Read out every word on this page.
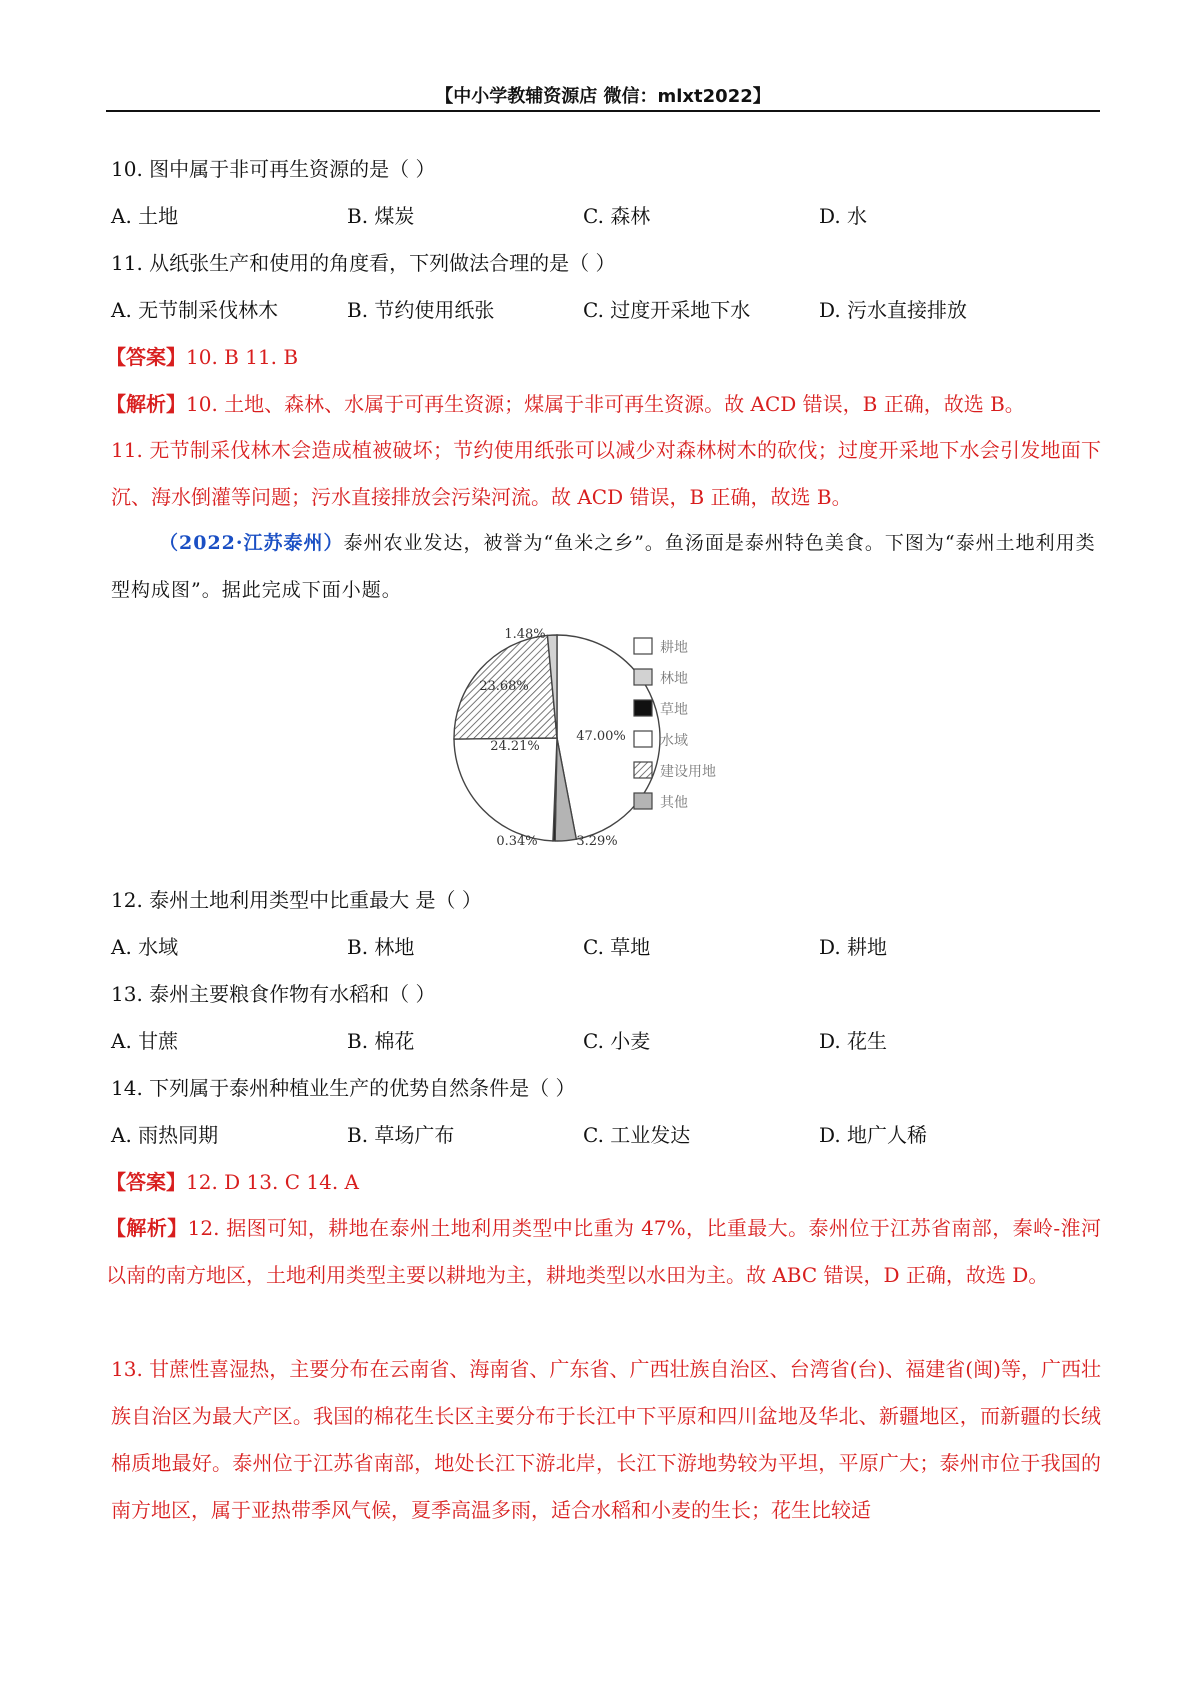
【中小学教辅资源店 微信：mlxt2022】
10. 图中属于非可再生资源的是（ ）
A. 土地	B. 煤炭	C. 森林	D. 水
11. 从纸张生产和使用的角度看，下列做法合理的是（ ）
A. 无节制采伐林木	B. 节约使用纸张	C. 过度开采地下水	D. 污水直接排放
【答案】10. B 11. B
【解析】10. 土地、森林、水属于可再生资源；煤属于非可再生资源。故 ACD 错误，B 正确，故选 B。
11. 无节制采伐林木会造成植被破坏；节约使用纸张可以减少对森林树木的砍伐；过度开采地下水会引发地面下沉、海水倒灌等问题；污水直接排放会污染河流。故 ACD 错误，B 正确，故选 B。
（2022·江苏泰州）泰州农业发达，被誉为“鱼米之乡”。鱼汤面是泰州特色美食。下图为“泰州土地利用类型构成图”。据此完成下面小题。
47.00%
3.29%
0.34%
24.21%
23.68%
1.48%
耕地
林地
草地
水域
建设用地
其他
12. 泰州土地利用类型中比重最大 是（ ）
A. 水域	B. 林地	C. 草地	D. 耕地
13. 泰州主要粮食作物有水稻和（ ）
A. 甘蔗	B. 棉花	C. 小麦	D. 花生
14. 下列属于泰州种植业生产的优势自然条件是（ ）
A. 雨热同期	B. 草场广布	C. 工业发达	D. 地广人稀
【答案】12. D 13. C 14. A
【解析】12. 据图可知，耕地在泰州土地利用类型中比重为 47%，比重最大。泰州位于江苏省南部，秦岭-淮河以南的南方地区，土地利用类型主要以耕地为主，耕地类型以水田为主。故 ABC 错误，D 正确，故选 D。
13. 甘蔗性喜湿热，主要分布在云南省、海南省、广东省、广西壮族自治区、台湾省(台)、福建省(闽)等，广西壮族自治区为最大产区。我国的棉花生长区主要分布于长江中下平原和四川盆地及华北、新疆地区，而新疆的长绒棉质地最好。泰州位于江苏省南部，地处长江下游北岸，长江下游地势较为平坦，平原广大；泰州市位于我国的南方地区，属于亚热带季风气候，夏季高温多雨，适合水稻和小麦的生长；花生比较适
